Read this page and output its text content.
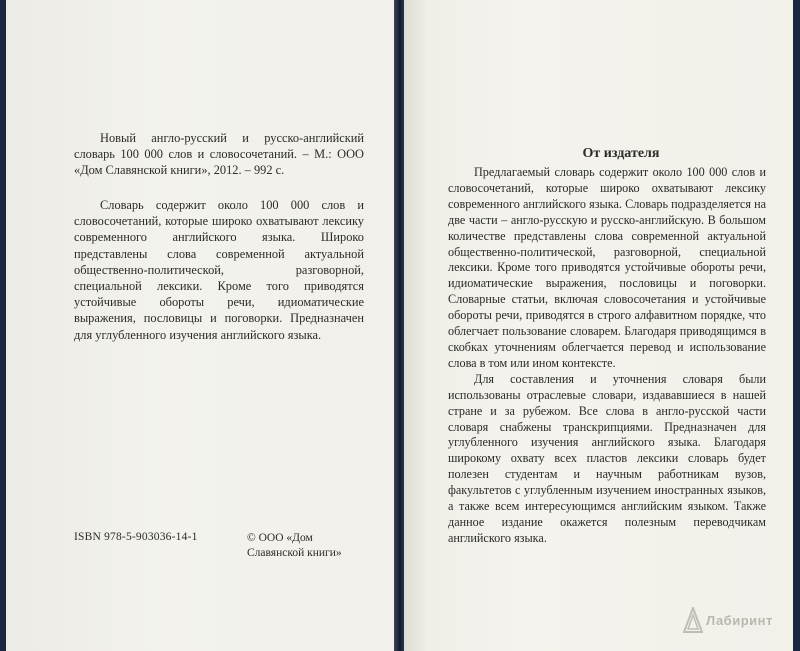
Новый англо-русский и русско-английский словарь 100 000 слов и словосочетаний. – М.: ООО «Дом Славянской книги», 2012. – 992 с.

Словарь содержит около 100 000 слов и словосочетаний, которые широко охватывают лексику современного английского языка. Широко представлены слова современной актуальной общественно-политической, разговорной, специальной лексики. Кроме того приводятся устойчивые обороты речи, идиоматические выражения, пословицы и поговорки. Предназначен для углубленного изучения английского языка.

ISBN 978-5-903036-14-1	© ООО «Дом Славянской книги»
От издателя

Предлагаемый словарь содержит около 100 000 слов и словосочетаний, которые широко охватывают лексику современного английского языка. Словарь подразделяется на две части – англо-русскую и русско-английскую. В большом количестве представлены слова современной актуальной общественно-политической, разговорной, специальной лексики. Кроме того приводятся устойчивые обороты речи, идиоматические выражения, пословицы и поговорки. Словарные статьи, включая словосочетания и устойчивые обороты речи, приводятся в строго алфавитном порядке, что облегчает пользование словарем. Благодаря приводящимся в скобках уточнениям облегчается перевод и использование слова в том или ином контексте.

Для составления и уточнения словаря были использованы отраслевые словари, издававшиеся в нашей стране и за рубежом. Все слова в англо-русской части словаря снабжены транскрипциями. Предназначен для углубленного изучения английского языка. Благодаря широкому охвату всех пластов лексики словарь будет полезен студентам и научным работникам вузов, факультетов с углубленным изучением иностранных языков, а также всем интересующимся английским языком. Также данное издание окажется полезным переводчикам английского языка.

Лабиринт
